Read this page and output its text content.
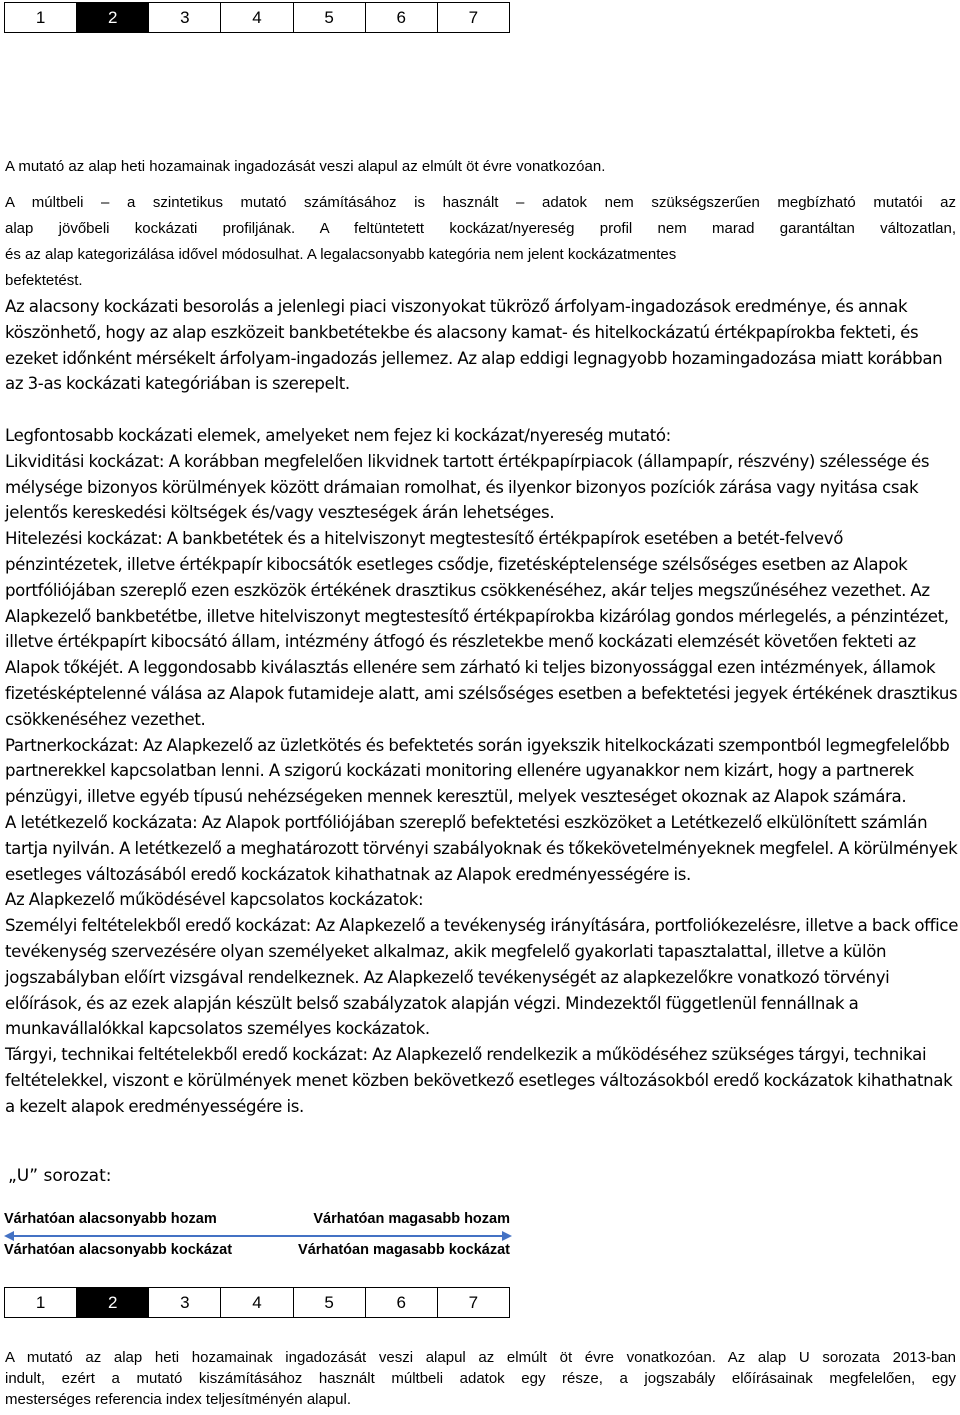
1	2	3	4	5	6	7
A mutató az alap heti hozamainak ingadozását veszi alapul az elmúlt öt évre vonatkozóan.
A múltbeli – a szintetikus mutató számításához is használt – adatok nem szükségszerűen megbízható mutatói az
alap jövőbeli kockázati profiljának. A feltüntetett kockázat/nyereség profil nem marad garantáltan változatlan,
és az alap kategorizálása idővel módosulhat. A legalacsonyabb kategória nem jelent kockázatmentes
befektetést.

Az alacsony kockázati besorolás a jelenlegi piaci viszonyokat tükröző árfolyam-ingadozások eredménye, és annak köszönhető, hogy az alap eszközeit bankbetétekbe és alacsony kamat- és hitelkockázatú értékpapírokba fekteti, és ezeket időnként mérsékelt árfolyam-ingadozás jellemez. Az alap eddigi legnagyobb hozamingadozása miatt korábban az 3-as kockázati kategóriában is szerepelt.

Legfontosabb kockázati elemek, amelyeket nem fejez ki kockázat/nyereség mutató:

Likviditási kockázat: A korábban megfelelően likvidnek tartott értékpapírpiacok (állampapír, részvény) szélessége és mélysége bizonyos körülmények között drámaian romolhat, és ilyenkor bizonyos pozíciók zárása vagy nyitása csak jelentős kereskedési költségek és/vagy veszteségek árán lehetséges.

Hitelezési kockázat: A bankbetétek és a hitelviszonyt megtestesítő értékpapírok esetében a betét-felvevő pénzintézetek, illetve értékpapír kibocsátók esetleges csődje, fizetésképtelensége szélsőséges esetben az Alapok portfóliójában szereplő ezen eszközök értékének drasztikus csökkenéséhez, akár teljes megszűnéséhez vezethet. Az Alapkezelő bankbetétbe, illetve hitelviszonyt megtestesítő értékpapírokba kizárólag gondos mérlegelés, a pénzintézet, illetve értékpapírt kibocsátó állam, intézmény átfogó és részletekbe menő kockázati elemzését követően fekteti az Alapok tőkéjét. A leggondosabb kiválasztás ellenére sem zárható ki teljes bizonyossággal ezen intézmények, államok fizetésképtelenné válása az Alapok futamideje alatt, ami szélsőséges esetben a befektetési jegyek értékének drasztikus csökkenéséhez vezethet.

Partnerkockázat: Az Alapkezelő az üzletkötés és befektetés során igyekszik hitelkockázati szempontból legmegfelelőbb partnerekkel kapcsolatban lenni. A szigorú kockázati monitoring ellenére ugyanakkor nem kizárt, hogy a partnerek pénzügyi, illetve egyéb típusú nehézségeken mennek keresztül, melyek veszteséget okoznak az Alapok számára.

A letétkezelő kockázata: Az Alapok portfóliójában szereplő befektetési eszközöket a Letétkezelő elkülönített számlán tartja nyilván. A letétkezelő a meghatározott törvényi szabályoknak és tőkekövetelményeknek megfelel. A körülmények esetleges változásából eredő kockázatok kihathatnak az Alapok eredményességére is.

Az Alapkezelő működésével kapcsolatos kockázatok:

Személyi feltételekből eredő kockázat: Az Alapkezelő a tevékenység irányítására, portfoliókezelésre, illetve a back office tevékenység szervezésére olyan személyeket alkalmaz, akik megfelelő gyakorlati tapasztalattal, illetve a külön jogszabályban előírt vizsgával rendelkeznek. Az Alapkezelő tevékenységét az alapkezelőkre vonatkozó törvényi előírások, és az ezek alapján készült belső szabályzatok alapján végzi. Mindezektől függetlenül fennállnak a munkavállalókkal kapcsolatos személyes kockázatok.

Tárgyi, technikai feltételekből eredő kockázat: Az Alapkezelő rendelkezik a működéséhez szükséges tárgyi, technikai feltételekkel, viszont e körülmények menet közben bekövetkező esetleges változásokból eredő kockázatok kihathatnak a kezelt alapok eredményességére is.

„U” sorozat:
Várhatóan alacsonyabb hozam	Várhatóan magasabb hozam
Várhatóan alacsonyabb kockázat	Várhatóan magasabb kockázat
1	2	3	4	5	6	7
A mutató az alap heti hozamainak ingadozását veszi alapul az elmúlt öt évre vonatkozóan. Az alap U sorozata 2013-ban
indult, ezért a mutató kiszámításához használt múltbeli adatok egy része, a jogszabály előírásainak megfelelően, egy
mesterséges referencia index teljesítményén alapul.
